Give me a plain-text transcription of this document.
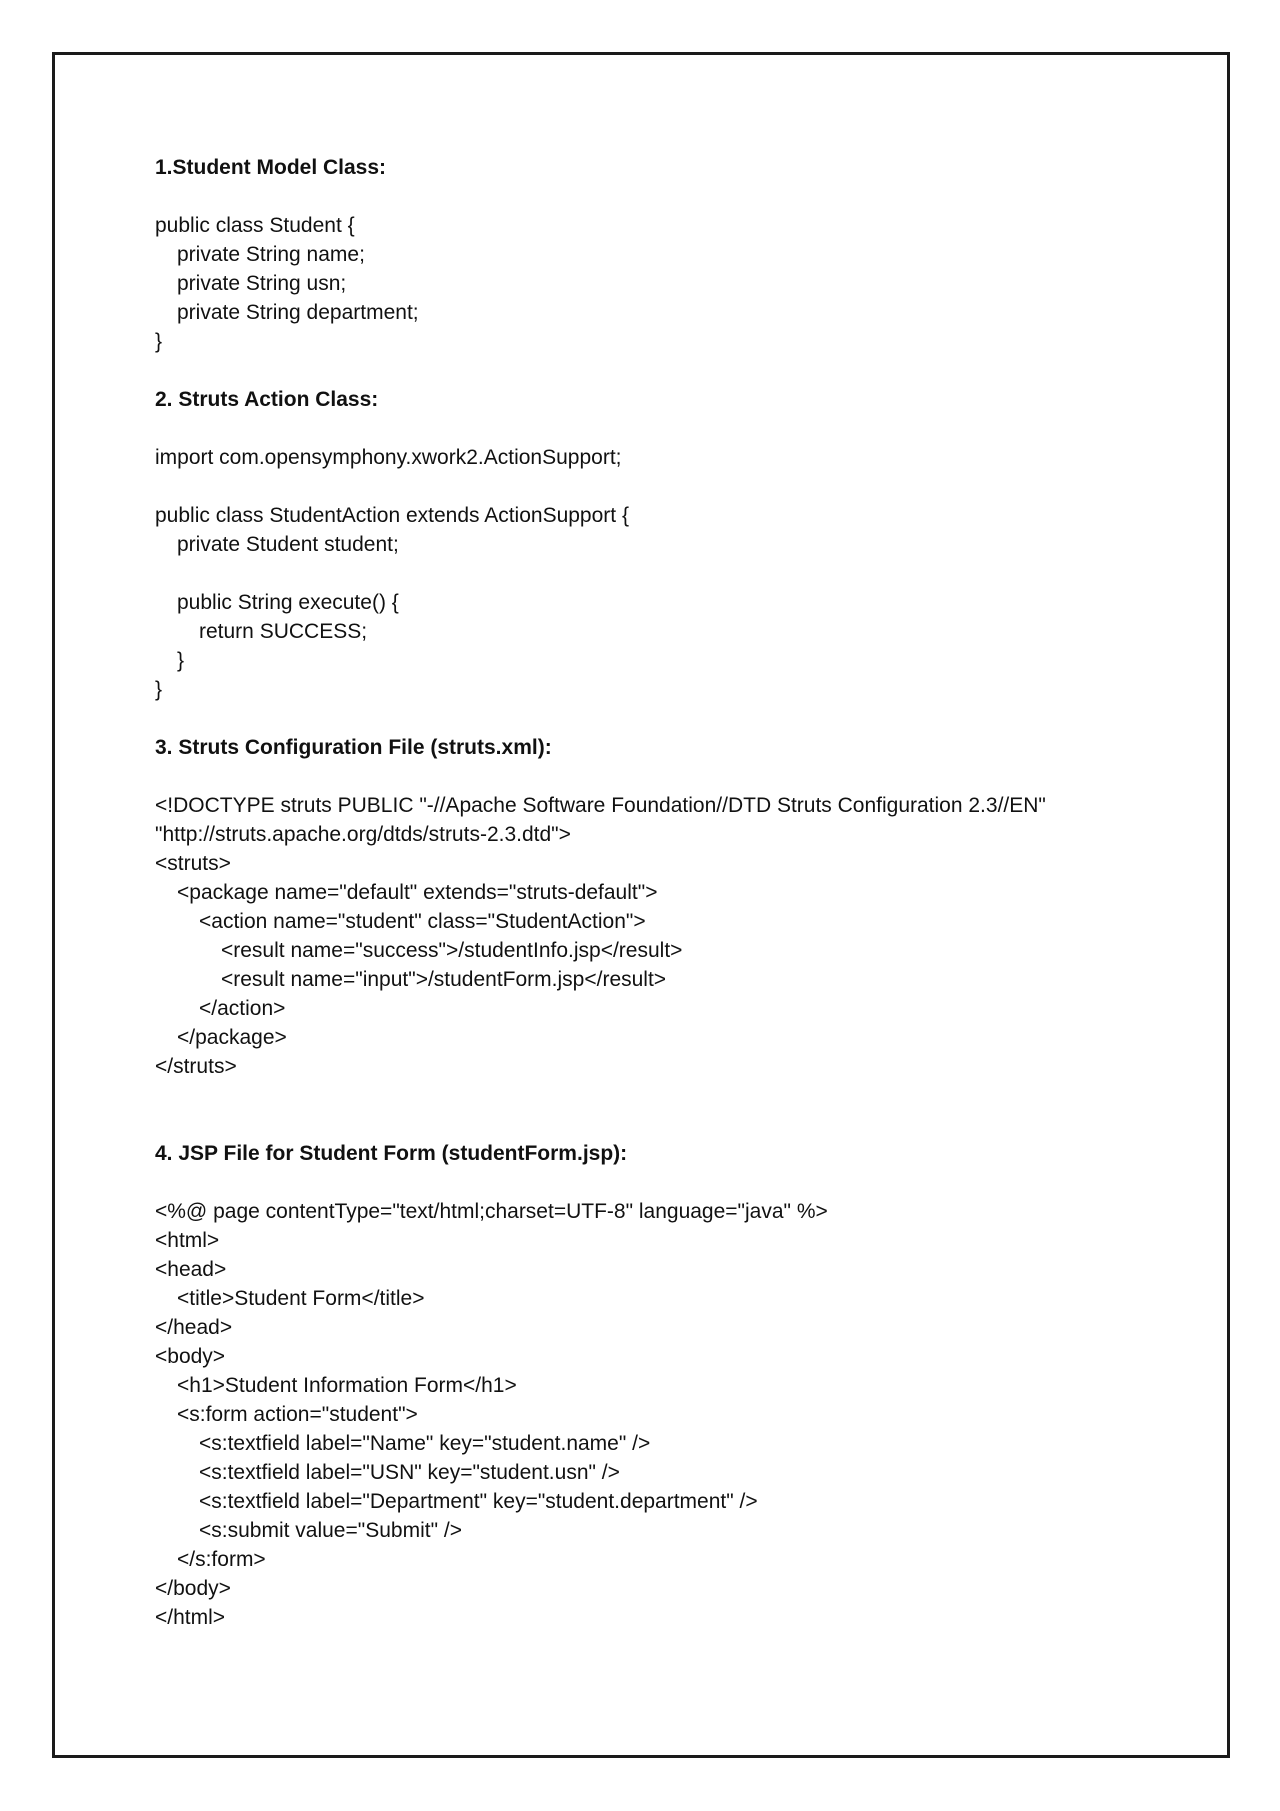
1.Student Model Class:
public class Student {
private String name;
private String usn;
private String department;
}
2. Struts Action Class:
import com.opensymphony.xwork2.ActionSupport;
public class StudentAction extends ActionSupport {
private Student student;
public String execute() {
return SUCCESS;
}
}
3. Struts Configuration File (struts.xml):
<!DOCTYPE struts PUBLIC "-//Apache Software Foundation//DTD Struts Configuration 2.3//EN"
"http://struts.apache.org/dtds/struts-2.3.dtd">
<struts>
<package name="default" extends="struts-default">
<action name="student" class="StudentAction">
<result name="success">/studentInfo.jsp</result>
<result name="input">/studentForm.jsp</result>
</action>
</package>
</struts>
4. JSP File for Student Form (studentForm.jsp):
<%@ page contentType="text/html;charset=UTF-8" language="java" %>
<html>
<head>
<title>Student Form</title>
</head>
<body>
<h1>Student Information Form</h1>
<s:form action="student">
<s:textfield label="Name" key="student.name" />
<s:textfield label="USN" key="student.usn" />
<s:textfield label="Department" key="student.department" />
<s:submit value="Submit" />
</s:form>
</body>
</html>
